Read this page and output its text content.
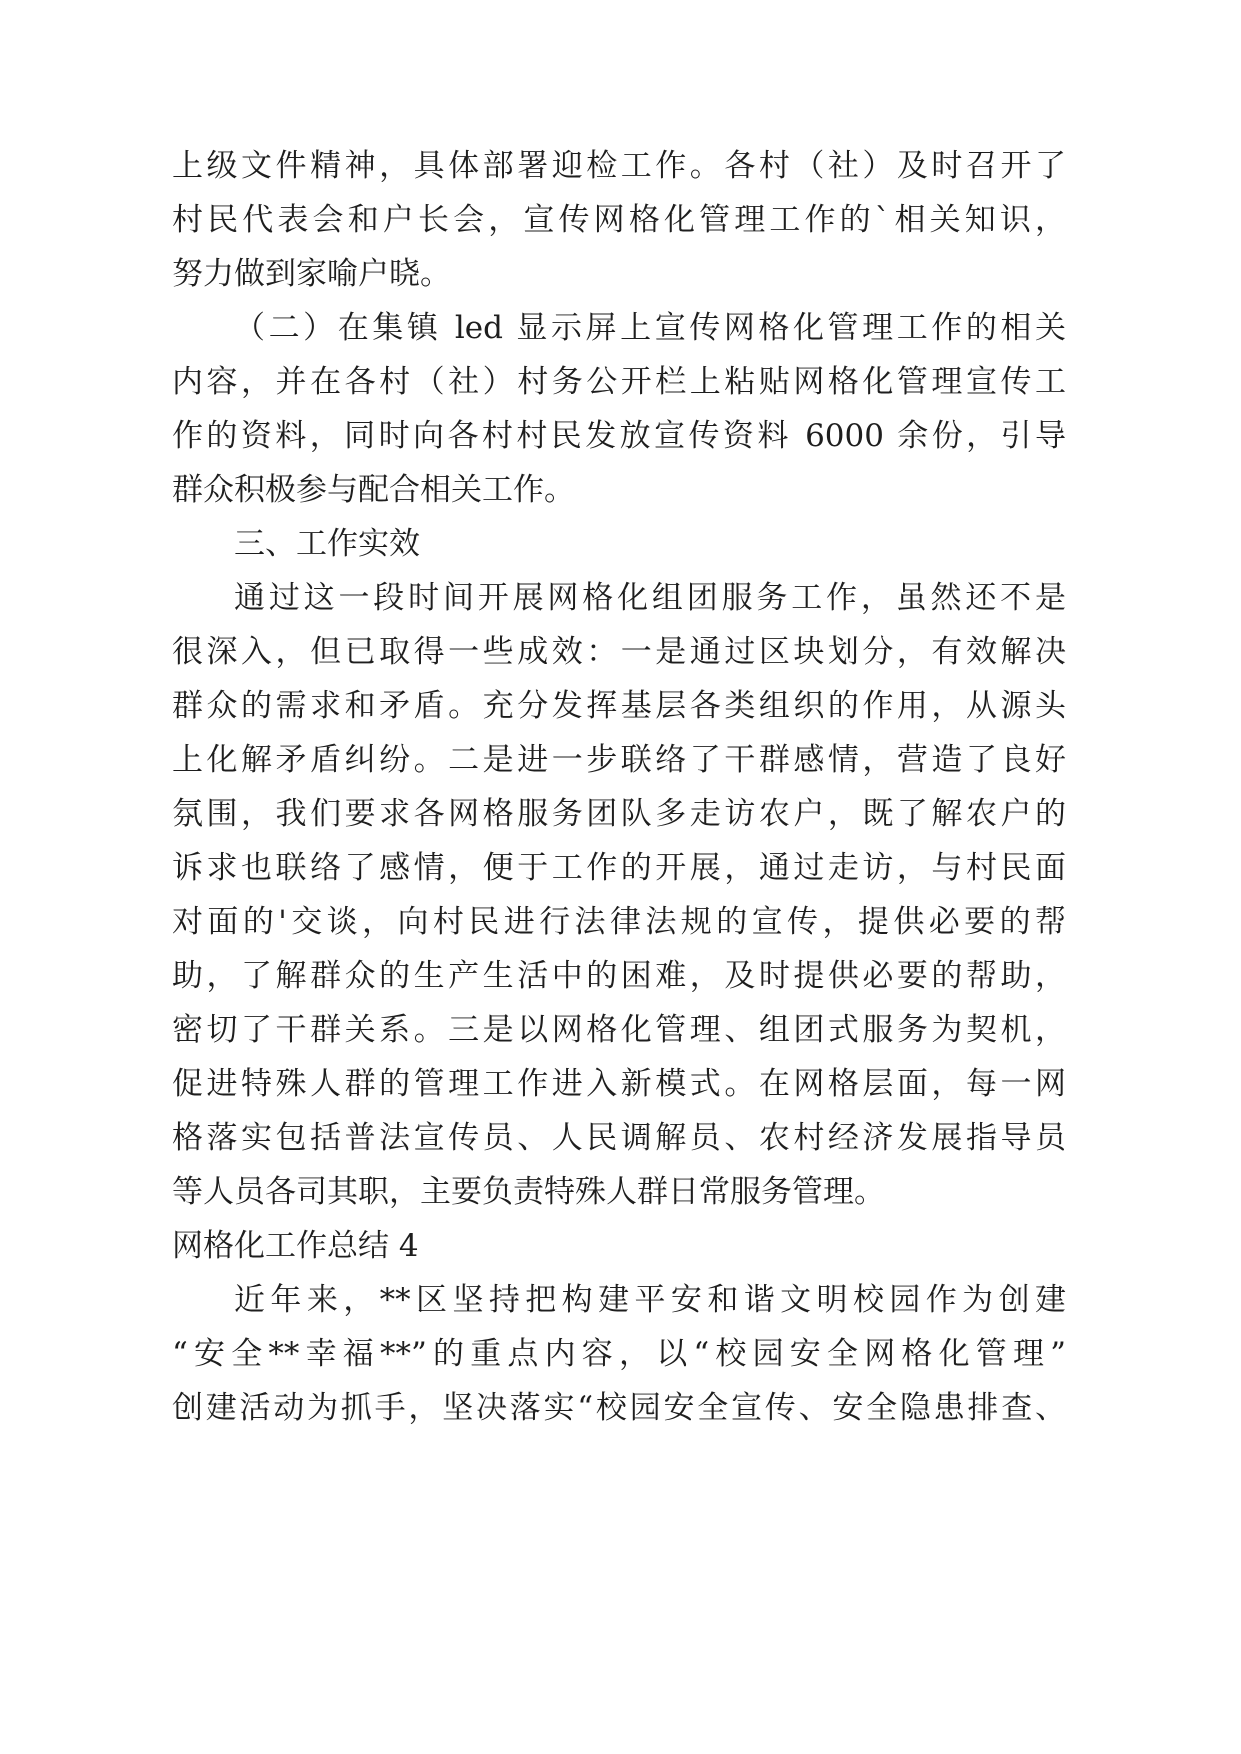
上级文件精神，具体部署迎检工作。各村（社）及时召开了
村民代表会和户长会，宣传网格化管理工作的`相关知识，
努力做到家喻户晓。
（二）在集镇 led 显示屏上宣传网格化管理工作的相关
内容，并在各村（社）村务公开栏上粘贴网格化管理宣传工
作的资料，同时向各村村民发放宣传资料 6000 余份，引导
群众积极参与配合相关工作。
三、工作实效
通过这一段时间开展网格化组团服务工作，虽然还不是
很深入，但已取得一些成效：一是通过区块划分，有效解决
群众的需求和矛盾。充分发挥基层各类组织的作用，从源头
上化解矛盾纠纷。二是进一步联络了干群感情，营造了良好
氛围，我们要求各网格服务团队多走访农户，既了解农户的
诉求也联络了感情，便于工作的开展，通过走访，与村民面
对面的'交谈，向村民进行法律法规的宣传，提供必要的帮
助，了解群众的生产生活中的困难，及时提供必要的帮助，
密切了干群关系。三是以网格化管理、组团式服务为契机，
促进特殊人群的管理工作进入新模式。在网格层面，每一网
格落实包括普法宣传员、人民调解员、农村经济发展指导员
等人员各司其职，主要负责特殊人群日常服务管理。
网格化工作总结 4
近年来，**区坚持把构建平安和谐文明校园作为创建
“安全**幸福**”的重点内容，以“校园安全网格化管理”
创建活动为抓手，坚决落实“校园安全宣传、安全隐患排查、
